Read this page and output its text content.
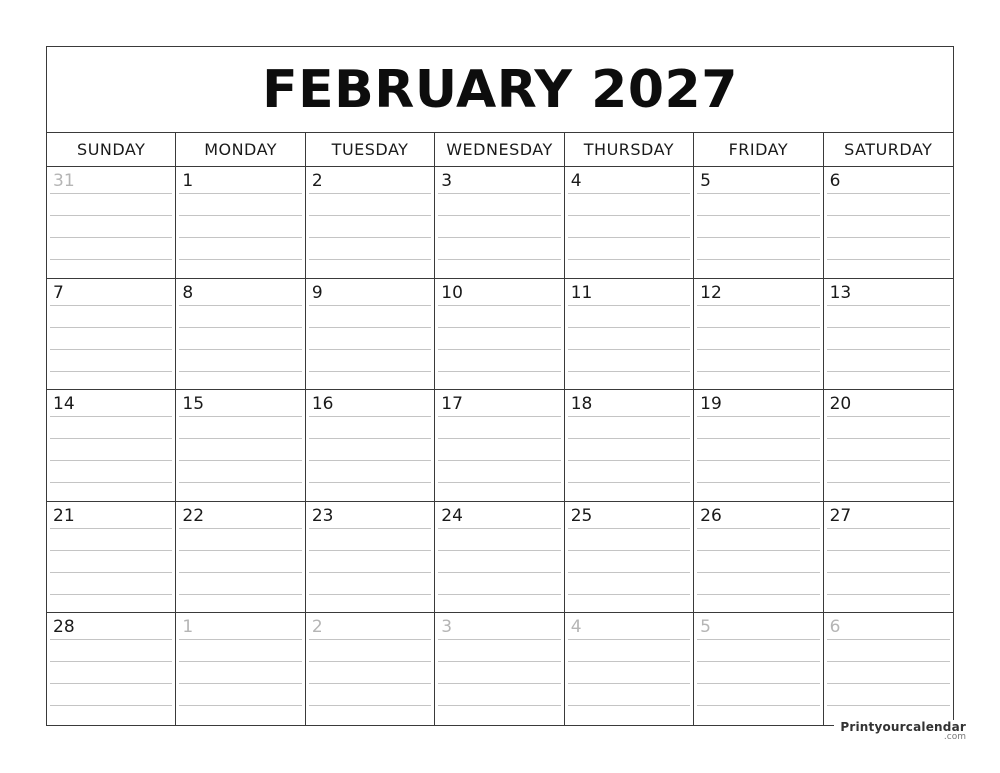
FEBRUARY 2027
SUNDAY	MONDAY	TUESDAY	WEDNESDAY	THURSDAY	FRIDAY	SATURDAY
31	1	2	3	4	5	6
7	8	9	10	11	12	13
14	15	16	17	18	19	20
21	22	23	24	25	26	27
28	1	2	3	4	5	6
Printyourcalendar
.com
